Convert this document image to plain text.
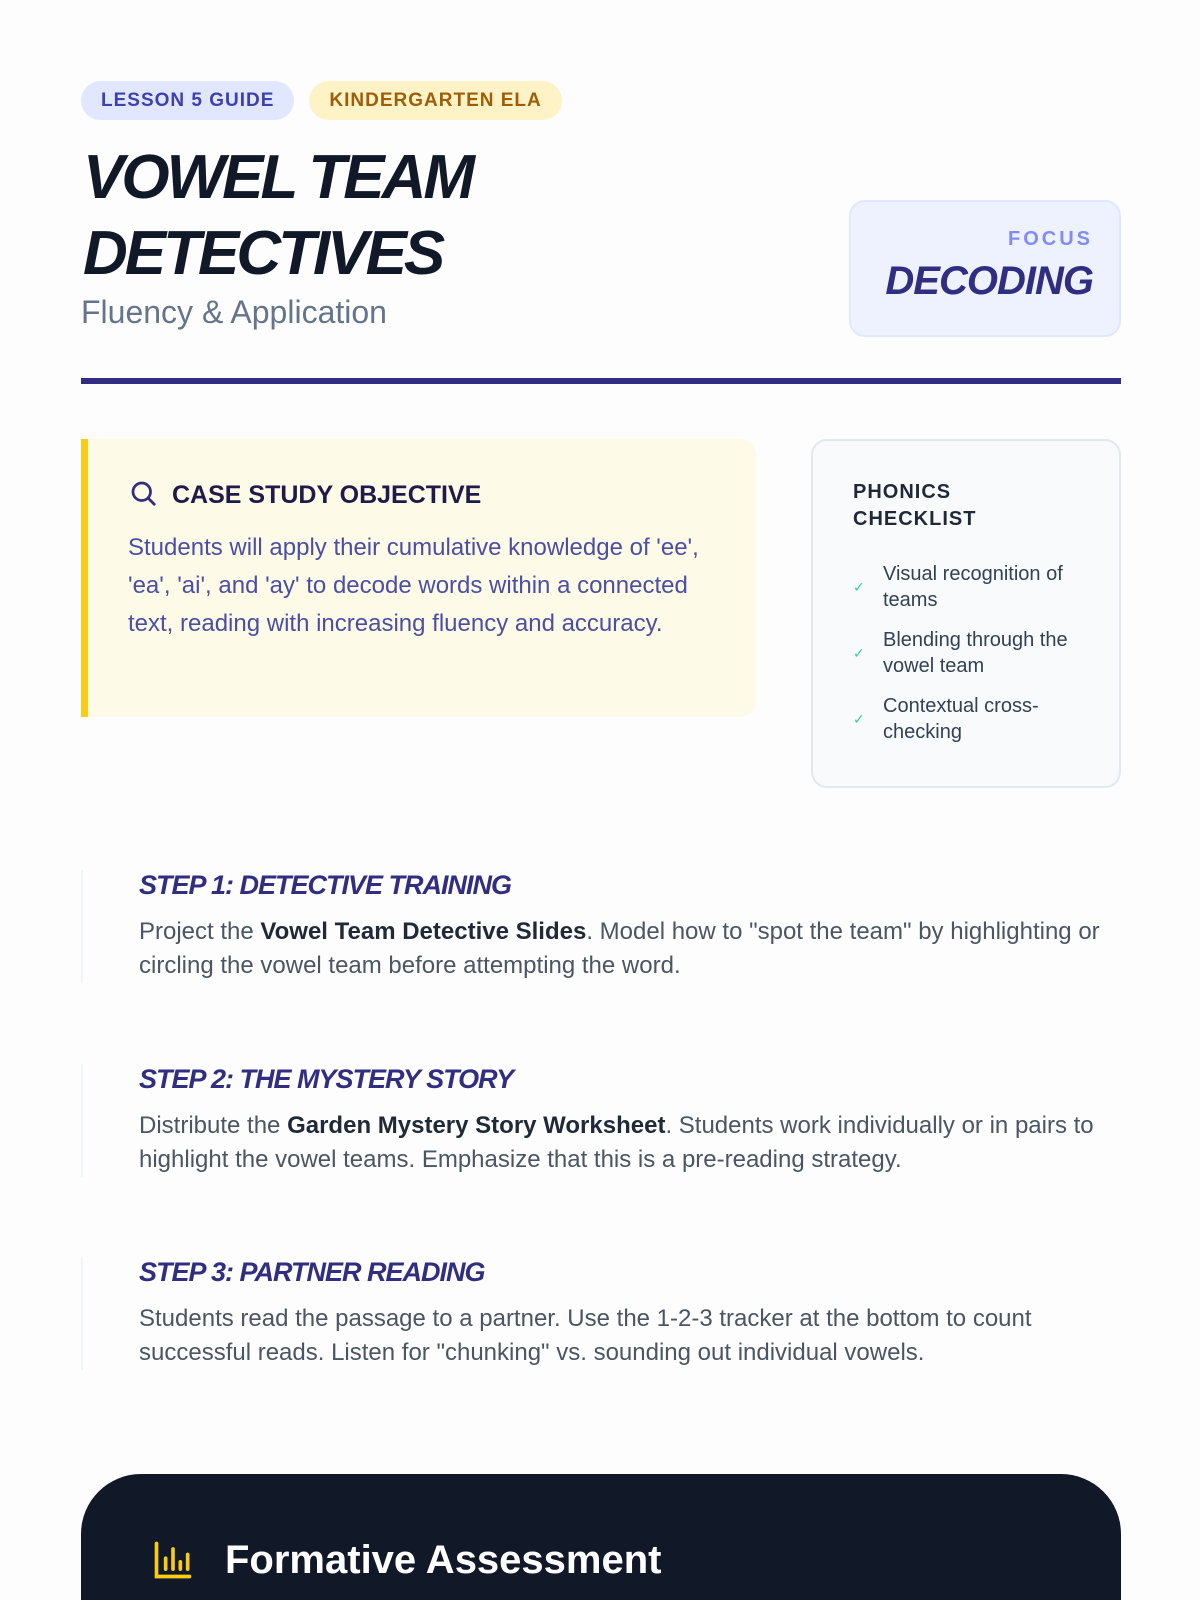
LESSON 5 GUIDE	KINDERGARTEN ELA
VOWEL TEAM
DETECTIVES
Fluency & Application
FOCUS
DECODING
CASE STUDY OBJECTIVE

Students will apply their cumulative knowledge of 'ee', 'ea', 'ai', and 'ay' to decode words within a connected text, reading with increasing fluency and accuracy.

PHONICS
CHECKLIST
✓
Visual recognition of teams
✓
Blending through the vowel team
✓
Contextual cross-checking
STEP 1: DETECTIVE TRAINING

Project the Vowel Team Detective Slides. Model how to "spot the team" by highlighting or circling the vowel team before attempting the word.

STEP 2: THE MYSTERY STORY

Distribute the Garden Mystery Story Worksheet. Students work individually or in pairs to highlight the vowel teams. Emphasize that this is a pre-reading strategy.

STEP 3: PARTNER READING

Students read the passage to a partner. Use the 1-2-3 tracker at the bottom to count successful reads. Listen for "chunking" vs. sounding out individual vowels.

Formative Assessment
